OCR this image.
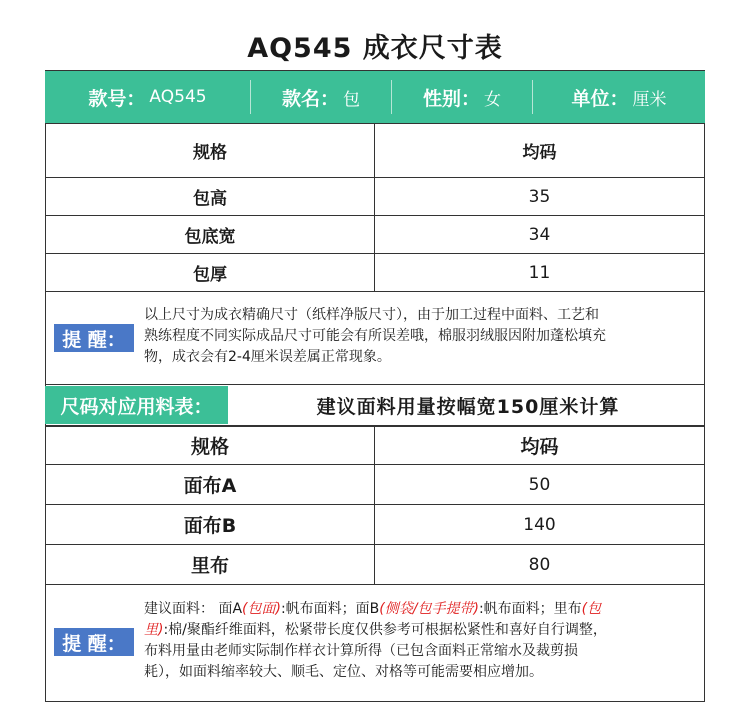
AQ545 成衣尺寸表
款号： AQ545	款名： 包	性别： 女	单位： 厘米
规格	均码
包高	35
包底宽	34
包厚	11
提 醒：
以上尺寸为成衣精确尺寸（纸样净版尺寸），由于加工过程中面料、工艺和
熟练程度不同实际成品尺寸可能会有所误差哦，棉服羽绒服因附加蓬松填充
物，成衣会有2-4厘米误差属正常现象。
尺码对应用料表：	建议面料用量按幅宽150厘米计算
规格	均码
面布A	50
面布B	140
里布	80
提 醒：
建议面料： 面A(包面):帆布面料；面B(侧袋/包手提带):帆布面料；里布(包
里):棉/聚酯纤维面料，松紧带长度仅供参考可根据松紧性和喜好自行调整，
布料用量由老师实际制作样衣计算所得（已包含面料正常缩水及裁剪损
耗），如面料缩率较大、顺毛、定位、对格等可能需要相应增加。
